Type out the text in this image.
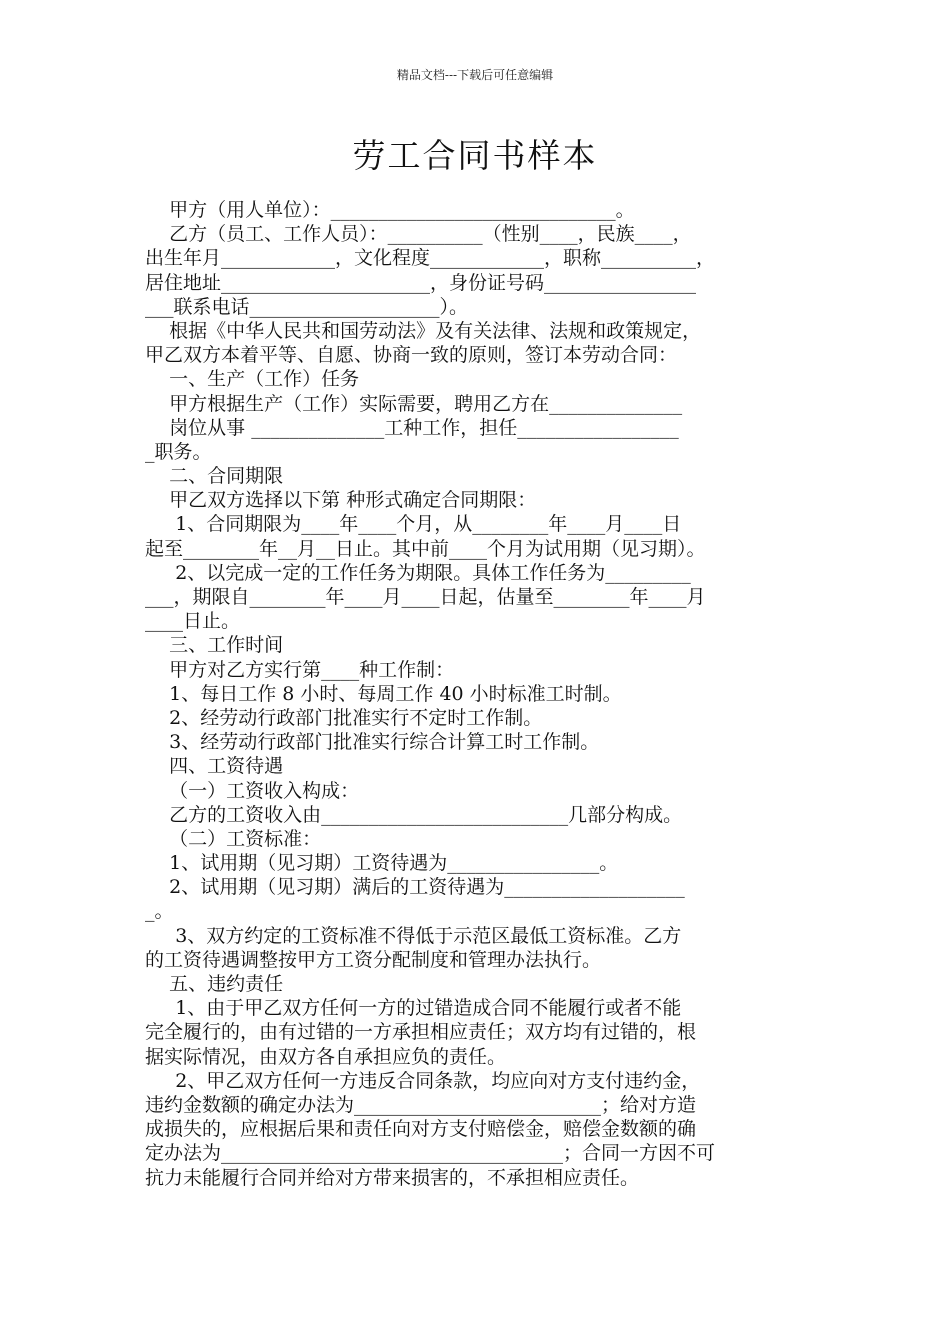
精品文档---下载后可任意编辑
劳工合同书样本
甲方（用人单位）：______________________________。
乙方（员工、工作人员）：__________（性别____，民族____，
出生年月____________，文化程度____________，职称__________，
居住地址______________________，身份证号码________________
___联系电话____________________）。
根据《中华人民共和国劳动法》及有关法律、法规和政策规定，
甲乙双方本着平等、自愿、协商一致的原则，签订本劳动合同：
一、生产（工作）任务
甲方根据生产（工作）实际需要，聘用乙方在______________
岗位从事 ______________工种工作，担任_________________
_职务。
二、合同期限
甲乙双方选择以下第 种形式确定合同期限：
1、合同期限为____年____个月，从________年____月____日
起至________年__月__日止。其中前____个月为试用期（见习期）。
2、以完成一定的工作任务为期限。具体工作任务为_________
___，期限自________年____月____日起，估量至________年____月
____日止。
三、工作时间
甲方对乙方实行第____种工作制：
1、每日工作 8 小时、每周工作 40 小时标准工时制。
2、经劳动行政部门批准实行不定时工作制。
3、经劳动行政部门批准实行综合计算工时工作制。
四、工资待遇
（一）工资收入构成：
乙方的工资收入由__________________________几部分构成。
（二）工资标准：
1、试用期（见习期）工资待遇为________________。
2、试用期（见习期）满后的工资待遇为___________________
_。
3、双方约定的工资标准不得低于示范区最低工资标准。乙方
的工资待遇调整按甲方工资分配制度和管理办法执行。
五、违约责任
1、由于甲乙双方任何一方的过错造成合同不能履行或者不能
完全履行的，由有过错的一方承担相应责任；双方均有过错的，根
据实际情况，由双方各自承担应负的责任。
2、甲乙双方任何一方违反合同条款，均应向对方支付违约金，
违约金数额的确定办法为__________________________；给对方造
成损失的，应根据后果和责任向对方支付赔偿金，赔偿金数额的确
定办法为____________________________________；合同一方因不可
抗力未能履行合同并给对方带来损害的，不承担相应责任。
